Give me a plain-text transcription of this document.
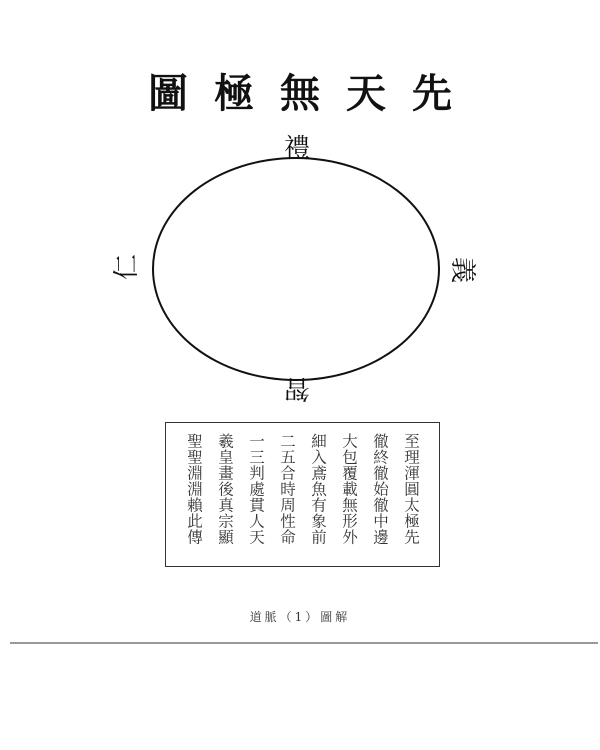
圖極無天先
禮
義
智
仁
至理渾圓太極先
徹終徹始徹中邊
大包覆載無形外
細入鳶魚有象前
二五合時周性命
一三判處貫人天
羲皇畫後真宗顯
聖聖淵淵賴此傳
道脈（1）圖解
